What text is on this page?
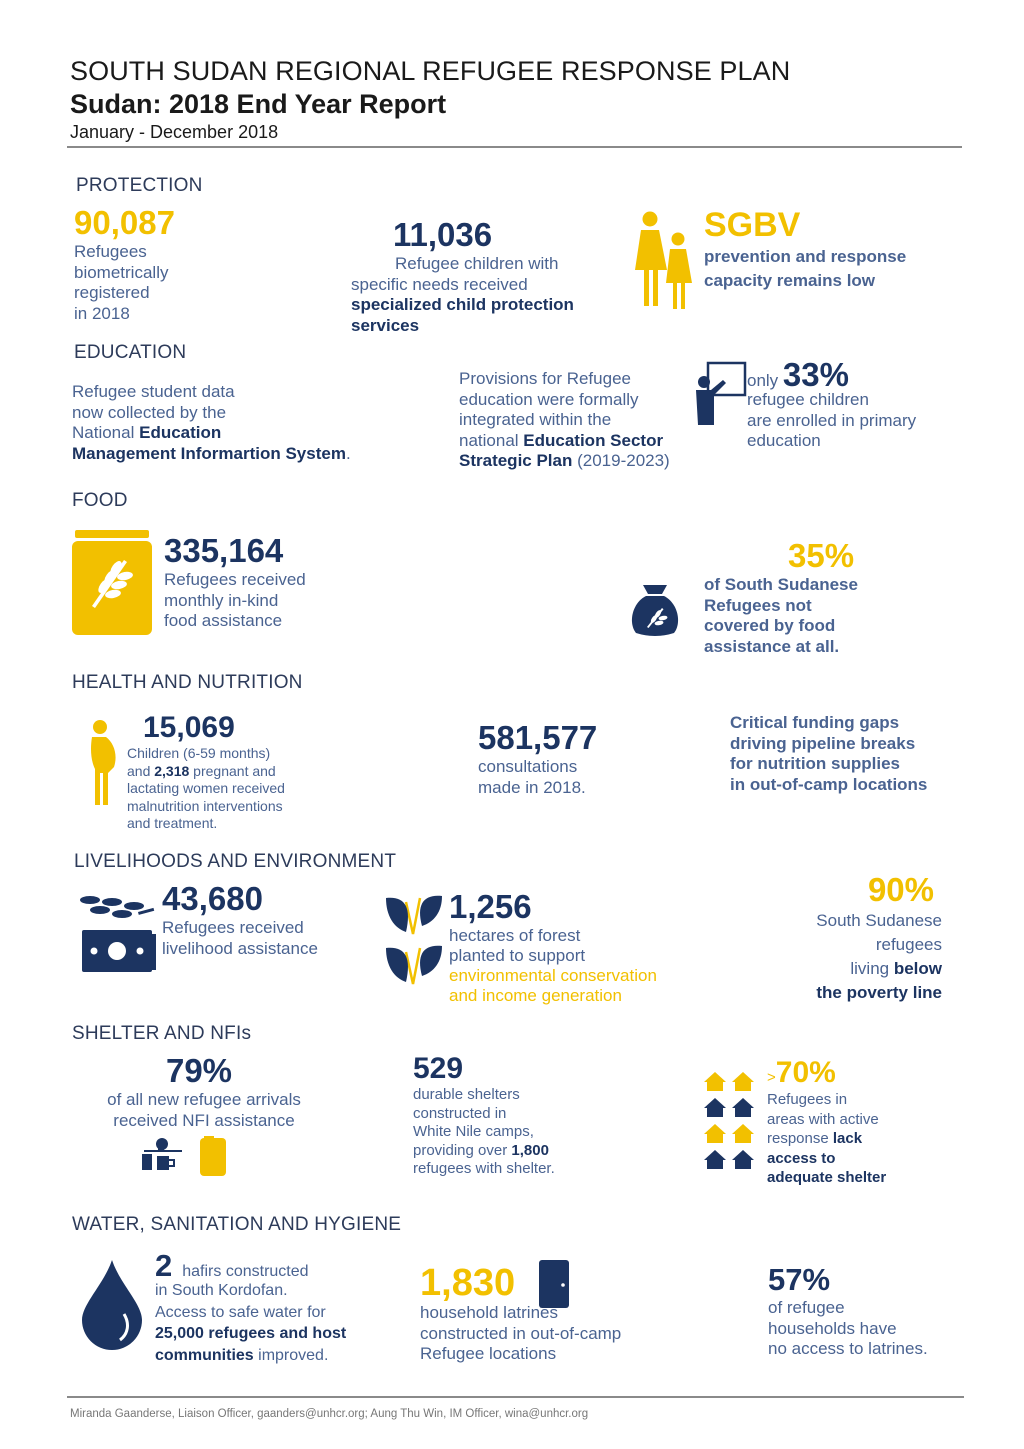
SOUTH SUDAN REGIONAL REFUGEE RESPONSE PLAN
Sudan: 2018 End Year Report
January - December 2018
PROTECTION
90,087
Refugees
biometrically
registered
in 2018
11,036
Refugee children with
specific needs received
specialized child protection
services
SGBV
prevention and response
capacity remains low
EDUCATION
Refugee student data
now collected by the
National Education
Management Informartion System.
Provisions for Refugee
education were formally
integrated within the
national Education Sector
Strategic Plan (2019-2023)
only 33%
refugee children
are enrolled in primary
education
FOOD
335,164
Refugees received
monthly in-kind
food assistance
35%
of South Sudanese
Refugees not
covered by food
assistance at all.
HEALTH AND NUTRITION
15,069
Children (6-59 months)
and 2,318 pregnant and
lactating women received
malnutrition interventions
and treatment.
581,577
consultations
made in 2018.
Critical funding gaps
driving pipeline breaks
for nutrition supplies
in out-of-camp locations
LIVELIHOODS AND ENVIRONMENT
43,680
Refugees received
livelihood assistance
1,256
hectares of forest
planted to support
environmental conservation
and income generation
90%
South Sudanese
refugees
living below
the poverty line
SHELTER AND NFIs
79%
of all new refugee arrivals
received NFI assistance
529
durable shelters
constructed in
White Nile camps,
providing over 1,800
refugees with shelter.
>70%
Refugees in
areas with active
response lack
access to
adequate shelter
WATER, SANITATION AND HYGIENE
2 hafirs constructed
in South Kordofan.
Access to safe water for
25,000 refugees and host
communities improved.
1,830
household latrines
constructed in out-of-camp
Refugee locations
57%
of refugee
households have
no access to latrines.
Miranda Gaanderse, Liaison Officer, gaanders@unhcr.org; Aung Thu Win, IM Officer, wina@unhcr.org
